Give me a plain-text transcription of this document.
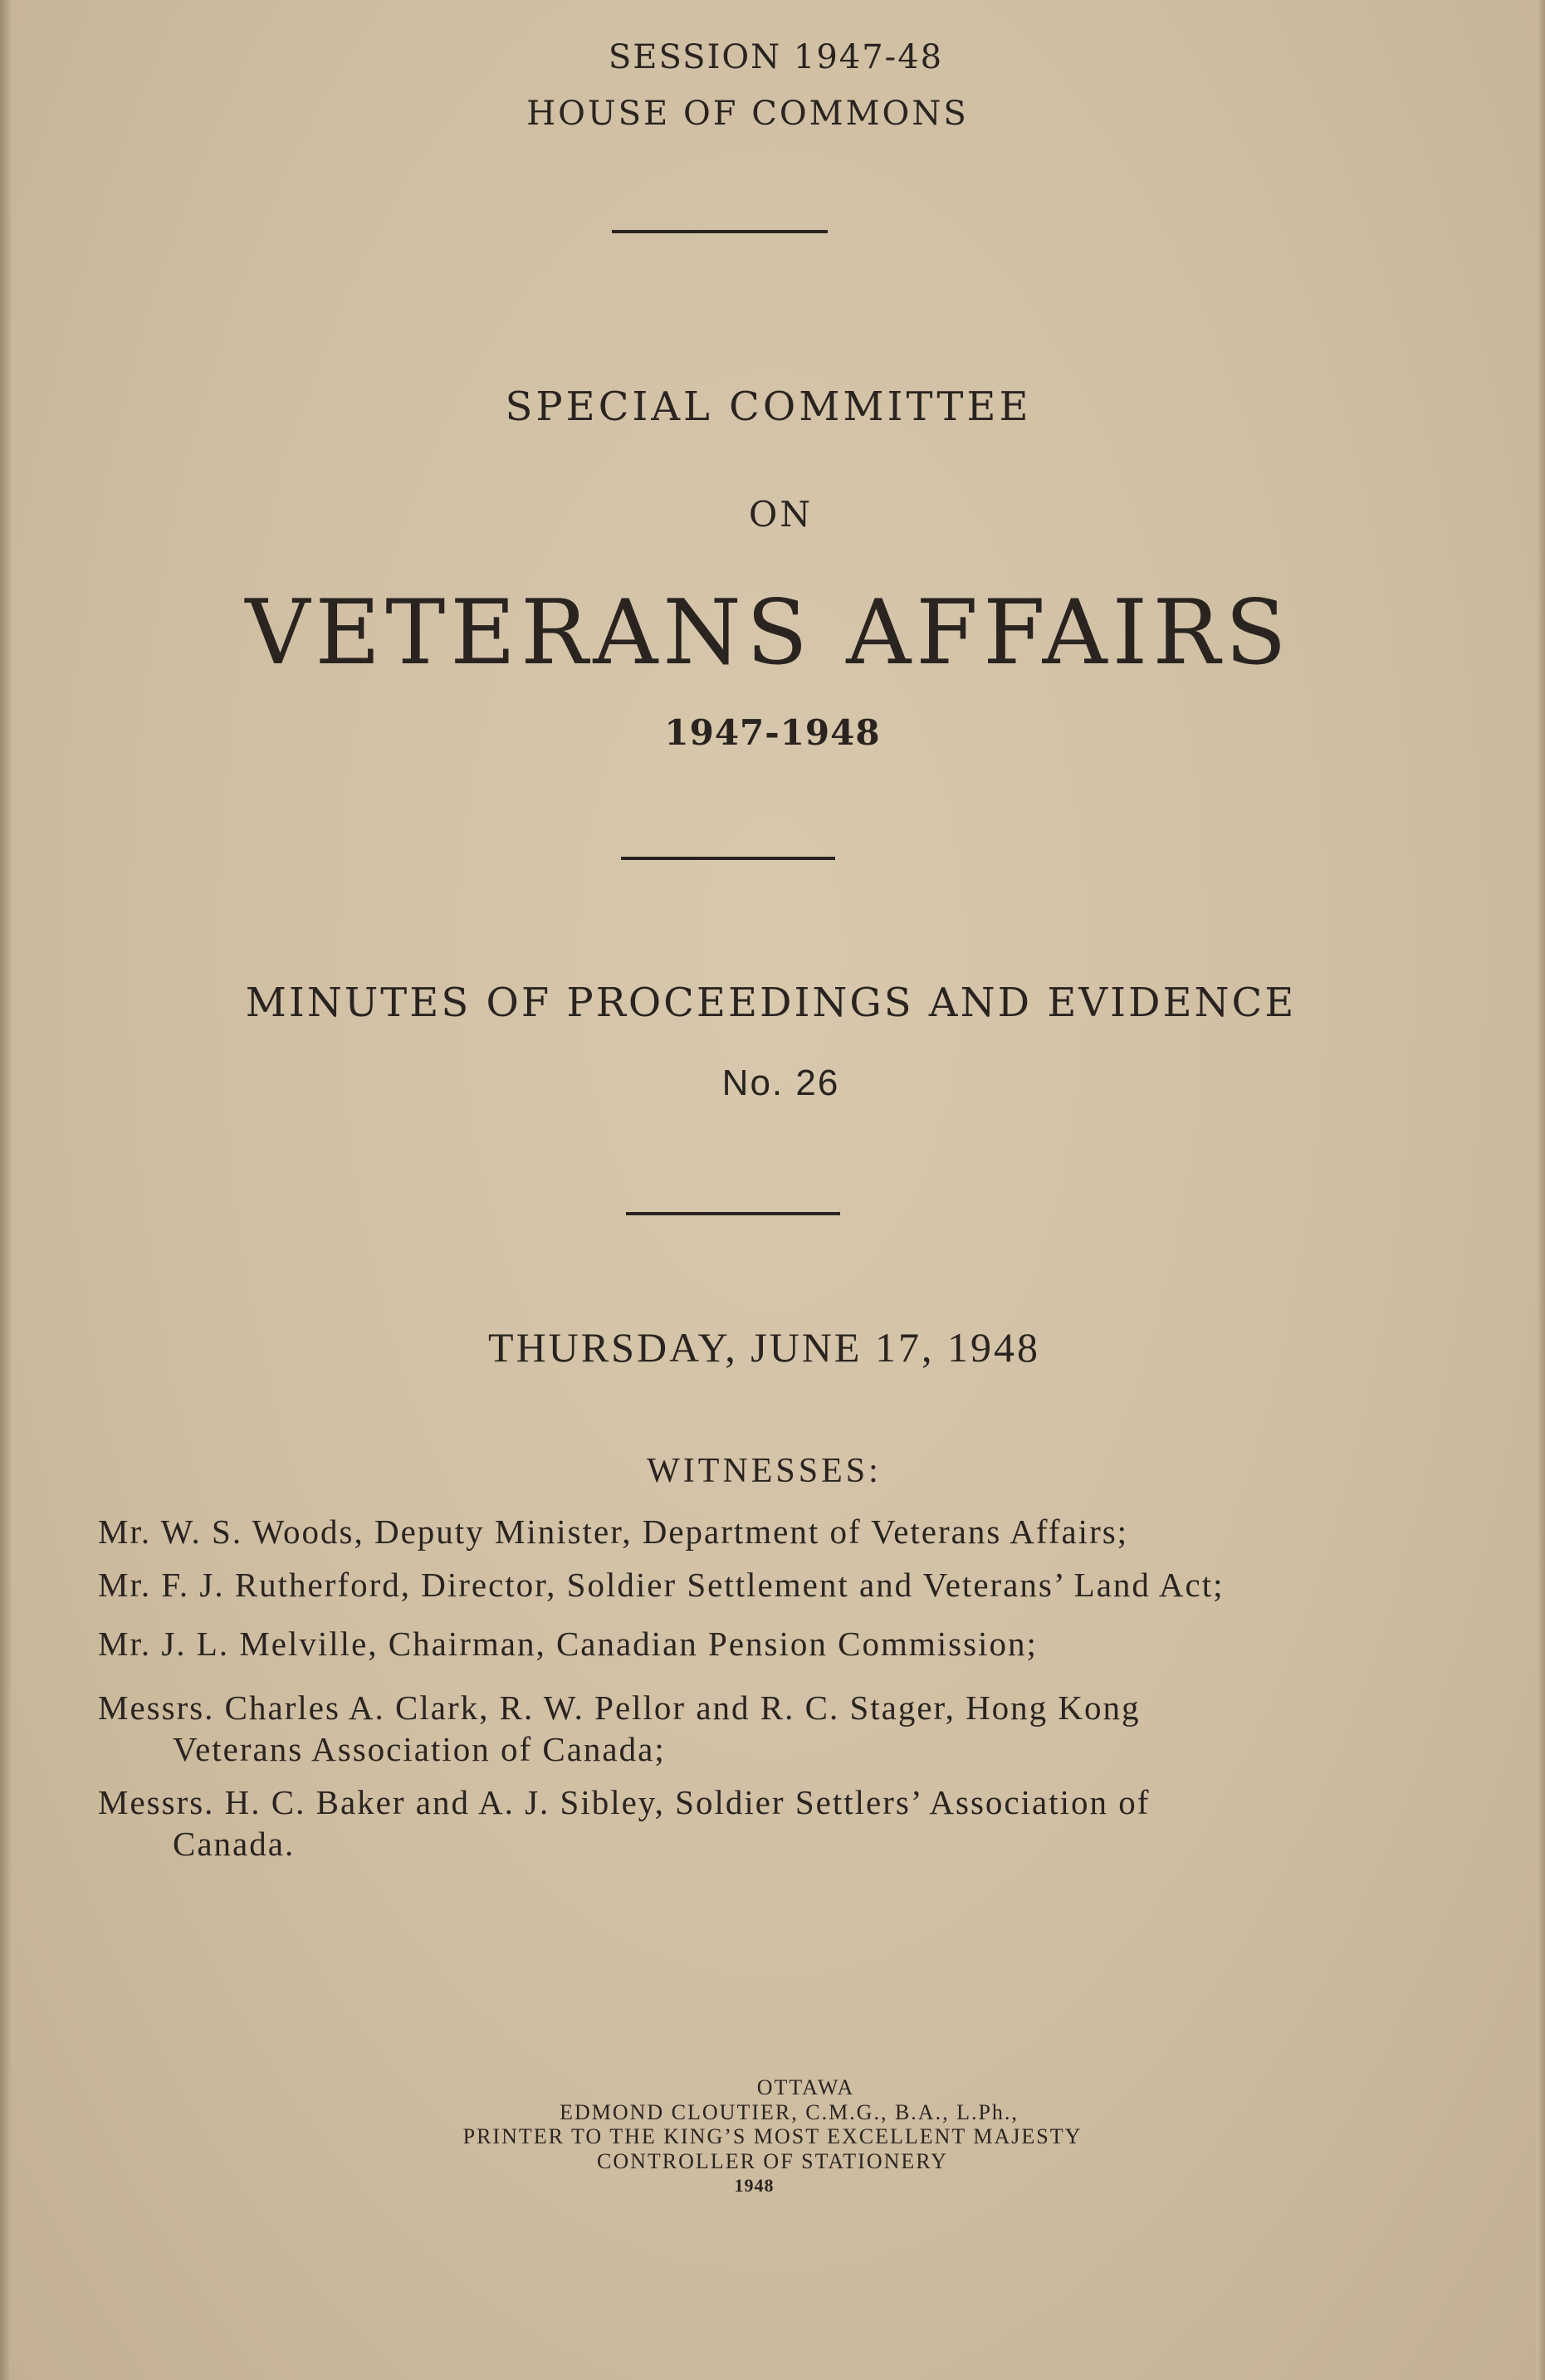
SESSION 1947-48
HOUSE OF COMMONS
SPECIAL COMMITTEE
ON
VETERANS AFFAIRS
1947-1948
MINUTES OF PROCEEDINGS AND EVIDENCE
No. 26
THURSDAY, JUNE 17, 1948
WITNESSES:
Mr. W. S. Woods, Deputy Minister, Department of Veterans Affairs;
Mr. F. J. Rutherford, Director, Soldier Settlement and Veterans’ Land Act;
Mr. J. L. Melville, Chairman, Canadian Pension Commission;
Messrs. Charles A. Clark, R. W. Pellor and R. C. Stager, Hong Kong
Veterans Association of Canada;
Messrs. H. C. Baker and A. J. Sibley, Soldier Settlers’ Association of
Canada.
OTTAWA
EDMOND CLOUTIER, C.M.G., B.A., L.Ph.,
PRINTER TO THE KING’S MOST EXCELLENT MAJESTY
CONTROLLER OF STATIONERY
1948
